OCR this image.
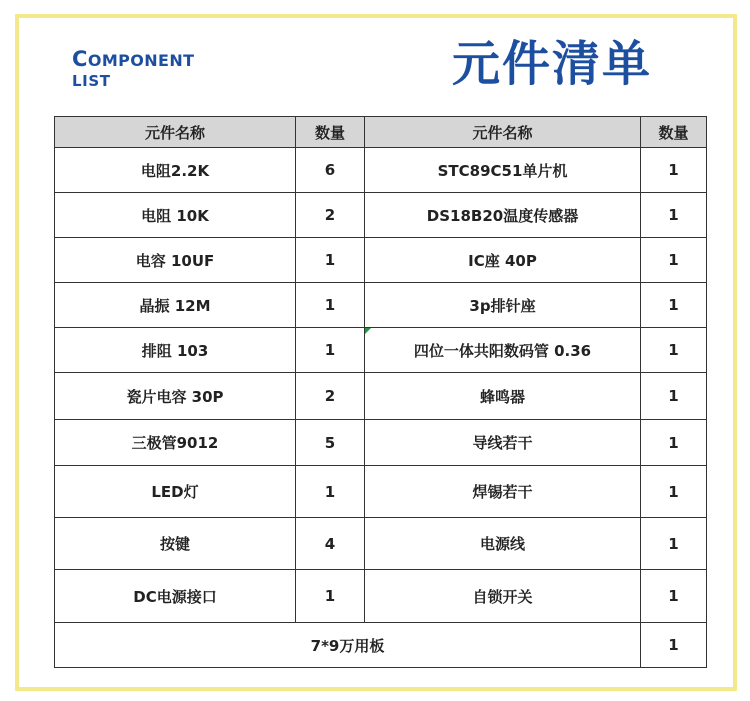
COMPONENT
LIST	元件清单
元件名称	数量	元件名称	数量
电阻2.2K	6	STC89C51单片机	1
电阻 10K	2	DS18B20温度传感器	1
电容 10UF	1	IC座 40P	1
晶振 12M	1	3p排针座	1
排阻 103	1	四位一体共阳数码管 0.36	1
瓷片电容 30P	2	蜂鸣器	1
三极管9012	5	导线若干	1
LED灯	1	焊锡若干	1
按键	4	电源线	1
DC电源接口	1	自锁开关	1
7*9万用板			1
